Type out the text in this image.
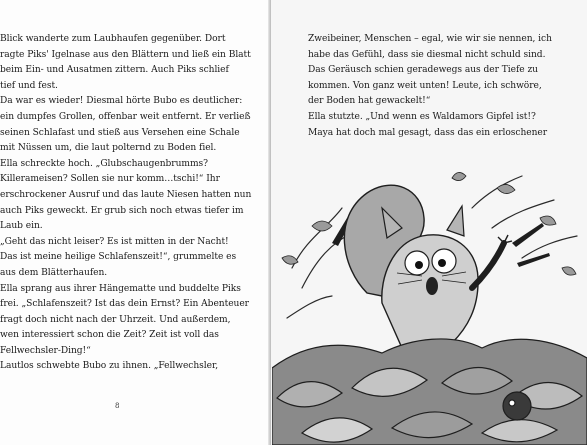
Blick wanderte zum Laubhaufen gegenüber. Dort
ragte Piks' Igelnase aus den Blättern und ließ ein Blatt
beim Ein- und Ausatmen zittern. Auch Piks schlief
tief und fest.
Da war es wieder! Diesmal hörte Bubo es deutlicher:
ein dumpfes Grollen, offenbar weit entfernt. Er verließ
seinen Schlafast und stieß aus Versehen eine Schale
mit Nüssen um, die laut polternd zu Boden fiel.
Ella schreckte hoch. „Glubschaugenbrumms?
Killerameisen? Sollen sie nur komm…tschi!“ Ihr
erschrockener Ausruf und das laute Niesen hatten nun
auch Piks geweckt. Er grub sich noch etwas tiefer im
Laub ein.
„Geht das nicht leiser? Es ist mitten in der Nacht!
Das ist meine heilige Schlafenszeit!“, grummelte es
aus dem Blätterhaufen.
Ella sprang aus ihrer Hängematte und buddelte Piks
frei. „Schlafenszeit? Ist das dein Ernst? Ein Abenteuer
fragt doch nicht nach der Uhrzeit. Und außerdem,
wen interessiert schon die Zeit? Zeit ist voll das
Fellwechsler-Ding!“
Lautlos schwebte Bubo zu ihnen. „Fellwechsler,
8
Zweibeiner, Menschen – egal, wie wir sie nennen, ich
habe das Gefühl, dass sie diesmal nicht schuld sind.
Das Geräusch schien geradewegs aus der Tiefe zu
kommen. Von ganz weit unten! Leute, ich schwöre,
der Boden hat gewackelt!“
Ella stutzte. „Und wenn es Waldamors Gipfel ist!?
Maya hat doch mal gesagt, dass das ein erloschener
